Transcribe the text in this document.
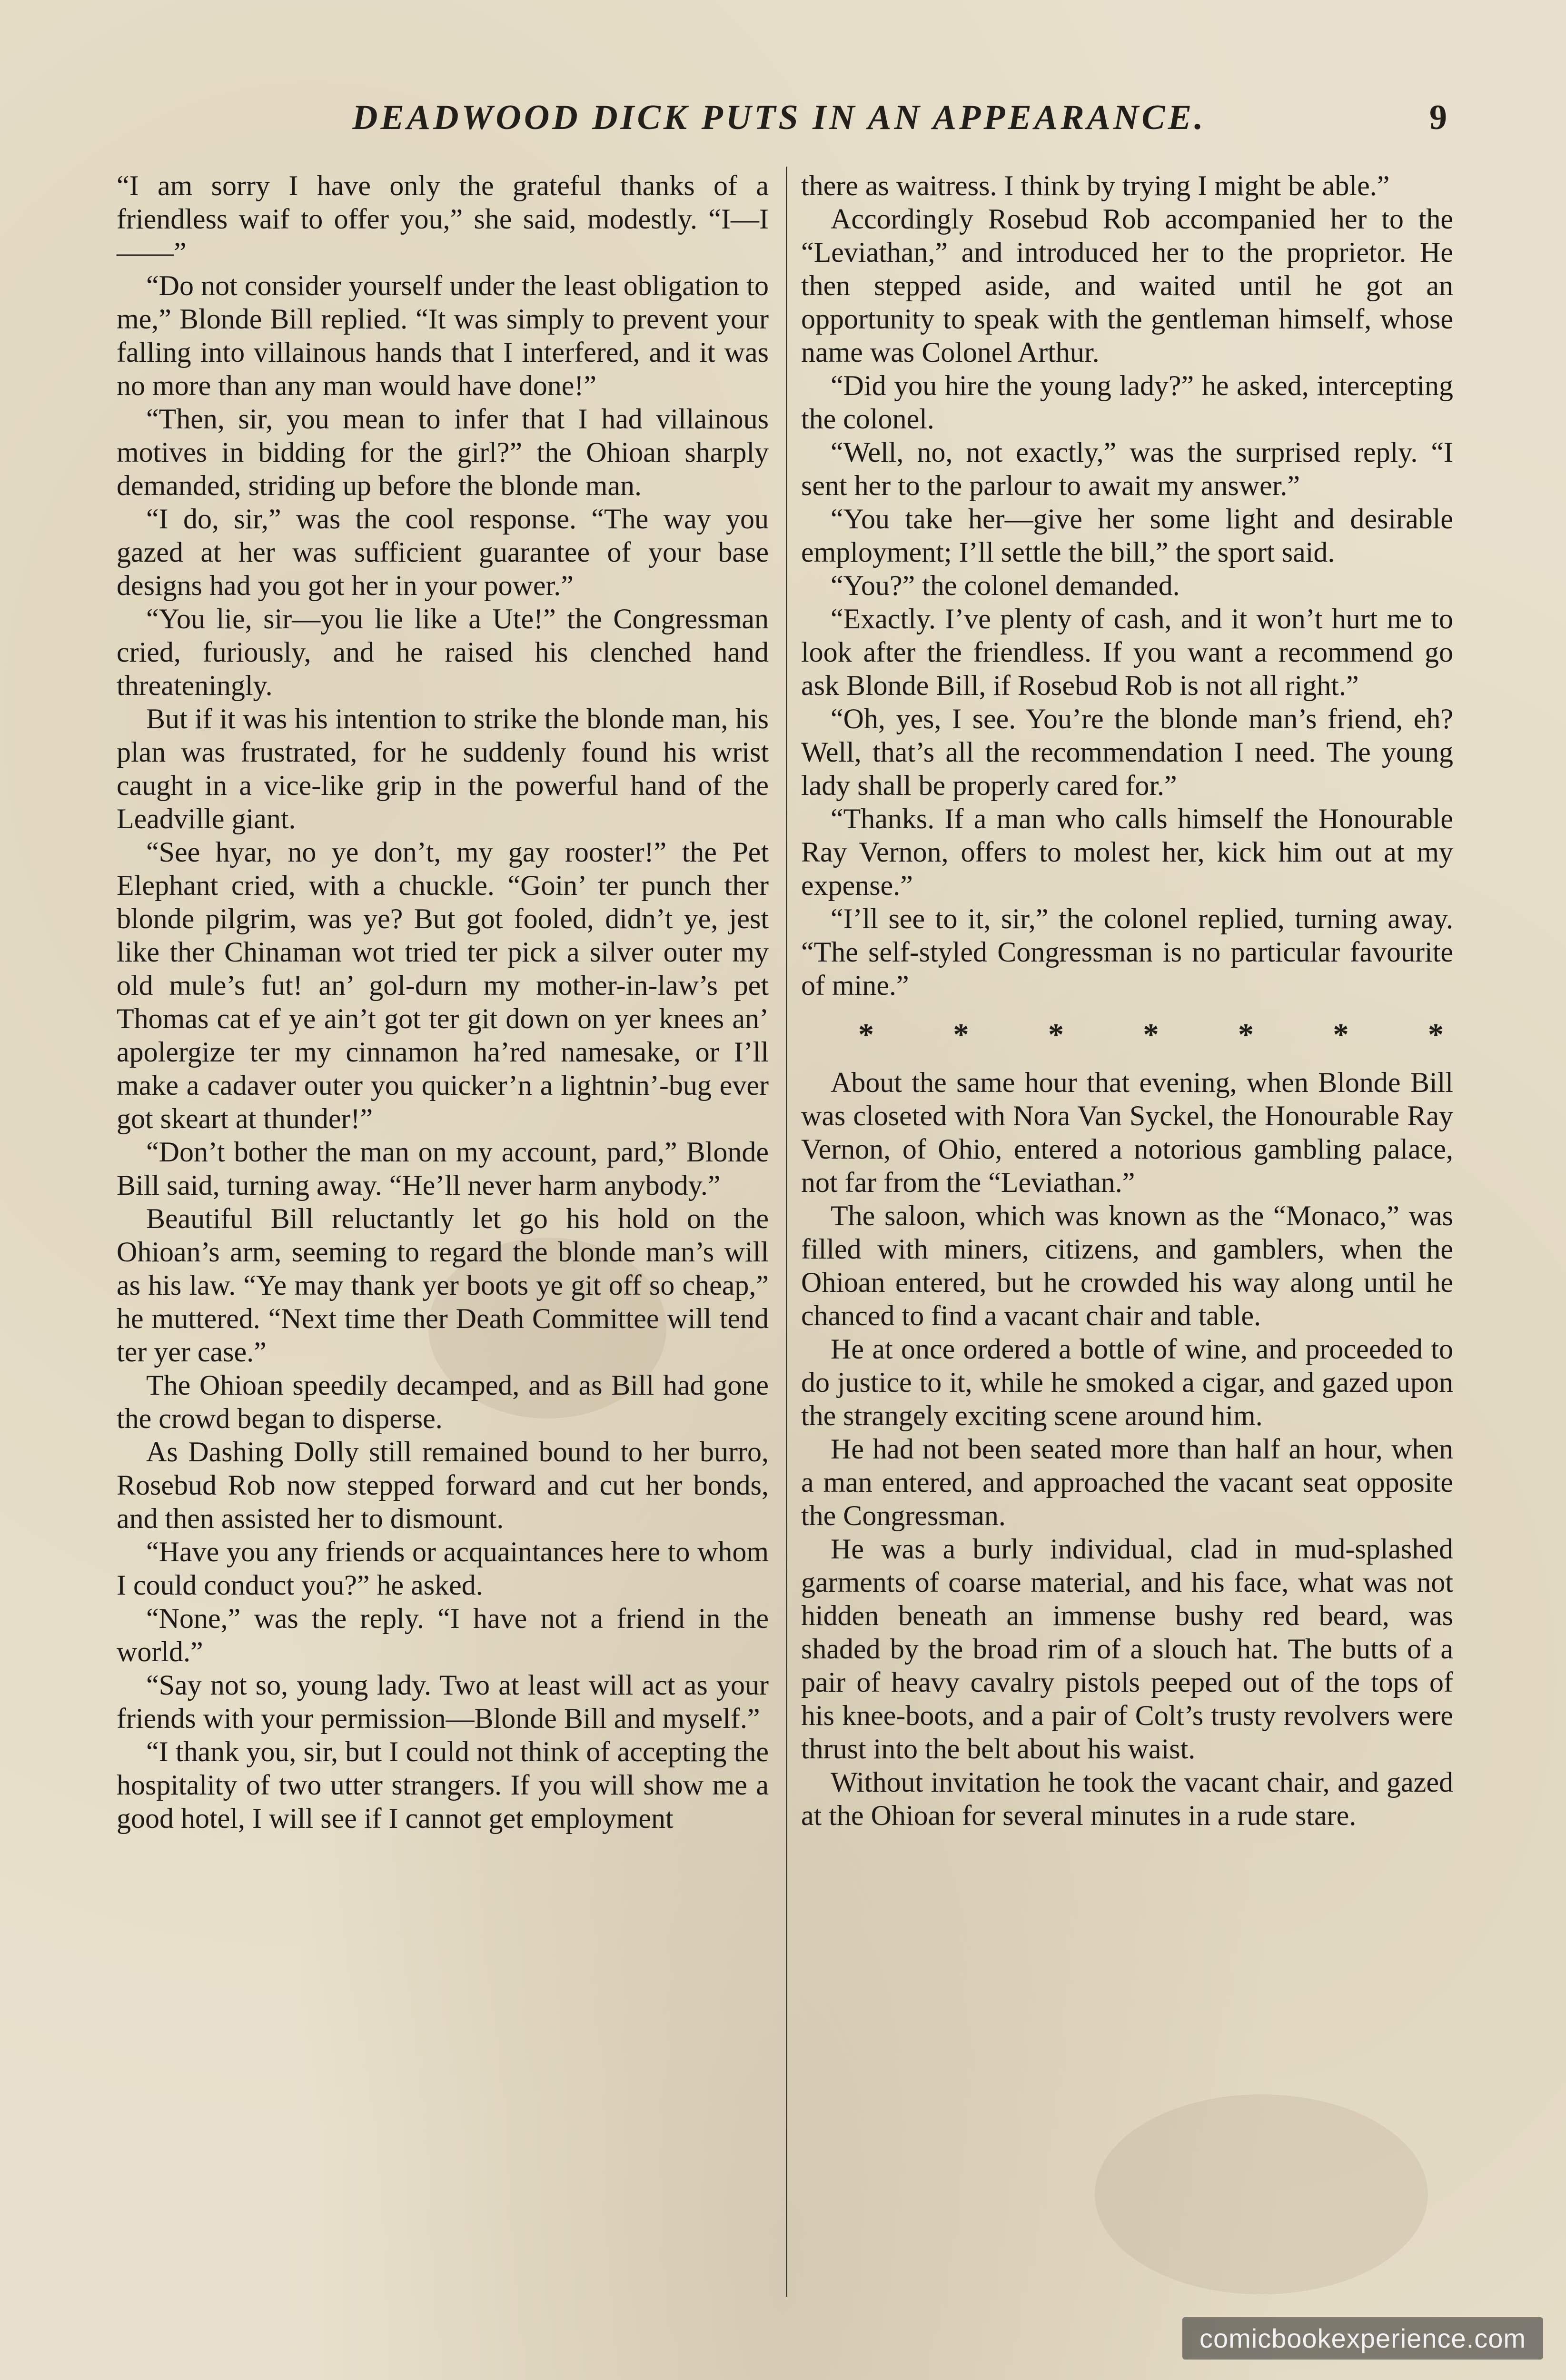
DEADWOOD DICK PUTS IN AN APPEARANCE.	9

“I am sorry I have only the grateful thanks of a friendless waif to offer you,” she said, modestly. “I—I——”

“Do not consider yourself under the least obligation to me,” Blonde Bill replied. “It was simply to prevent your falling into villainous hands that I interfered, and it was no more than any man would have done!”

“Then, sir, you mean to infer that I had villainous motives in bidding for the girl?” the Ohioan sharply demanded, striding up before the blonde man.

“I do, sir,” was the cool response. “The way you gazed at her was sufficient guarantee of your base designs had you got her in your power.”

“You lie, sir—you lie like a Ute!” the Congressman cried, furiously, and he raised his clenched hand threateningly.

But if it was his intention to strike the blonde man, his plan was frustrated, for he suddenly found his wrist caught in a vice-like grip in the powerful hand of the Leadville giant.

“See hyar, no ye don’t, my gay rooster!” the Pet Elephant cried, with a chuckle. “Goin’ ter punch ther blonde pilgrim, was ye? But got fooled, didn’t ye, jest like ther Chinaman wot tried ter pick a silver outer my old mule’s fut! an’ gol-durn my mother-in-law’s pet Thomas cat ef ye ain’t got ter git down on yer knees an’ apolergize ter my cinnamon ha’red namesake, or I’ll make a cadaver outer you quicker’n a lightnin’-bug ever got skeart at thunder!”

“Don’t bother the man on my account, pard,” Blonde Bill said, turning away. “He’ll never harm anybody.”

Beautiful Bill reluctantly let go his hold on the Ohioan’s arm, seeming to regard the blonde man’s will as his law. “Ye may thank yer boots ye git off so cheap,” he muttered. “Next time ther Death Committee will tend ter yer case.”

The Ohioan speedily decamped, and as Bill had gone the crowd began to disperse.

As Dashing Dolly still remained bound to her burro, Rosebud Rob now stepped forward and cut her bonds, and then assisted her to dismount.

“Have you any friends or acquaintances here to whom I could conduct you?” he asked.

“None,” was the reply. “I have not a friend in the world.”

“Say not so, young lady. Two at least will act as your friends with your permission—Blonde Bill and myself.”

“I thank you, sir, but I could not think of accepting the hospitality of two utter strangers. If you will show me a good hotel, I will see if I cannot get employment

there as waitress. I think by trying I might be able.”

Accordingly Rosebud Rob accompanied her to the “Leviathan,” and introduced her to the proprietor. He then stepped aside, and waited until he got an opportunity to speak with the gentleman himself, whose name was Colonel Arthur.

“Did you hire the young lady?” he asked, intercepting the colonel.

“Well, no, not exactly,” was the surprised reply. “I sent her to the parlour to await my answer.”

“You take her—give her some light and desirable employment; I’ll settle the bill,” the sport said.

“You?” the colonel demanded.

“Exactly. I’ve plenty of cash, and it won’t hurt me to look after the friendless. If you want a recommend go ask Blonde Bill, if Rosebud Rob is not all right.”

“Oh, yes, I see. You’re the blonde man’s friend, eh? Well, that’s all the recommendation I need. The young lady shall be properly cared for.”

“Thanks. If a man who calls himself the Honourable Ray Vernon, offers to molest her, kick him out at my expense.”

“I’ll see to it, sir,” the colonel replied, turning away. “The self-styled Congressman is no particular favourite of mine.”

*	*	*	*	*	*	*

About the same hour that evening, when Blonde Bill was closeted with Nora Van Syckel, the Honourable Ray Vernon, of Ohio, entered a notorious gambling palace, not far from the “Leviathan.”

The saloon, which was known as the “Monaco,” was filled with miners, citizens, and gamblers, when the Ohioan entered, but he crowded his way along until he chanced to find a vacant chair and table.

He at once ordered a bottle of wine, and proceeded to do justice to it, while he smoked a cigar, and gazed upon the strangely exciting scene around him.

He had not been seated more than half an hour, when a man entered, and approached the vacant seat opposite the Congressman.

He was a burly individual, clad in mud-splashed garments of coarse material, and his face, what was not hidden beneath an immense bushy red beard, was shaded by the broad rim of a slouch hat. The butts of a pair of heavy cavalry pistols peeped out of the tops of his knee-boots, and a pair of Colt’s trusty revolvers were thrust into the belt about his waist.

Without invitation he took the vacant chair, and gazed at the Ohioan for several minutes in a rude stare.

comicbookexperience.com
